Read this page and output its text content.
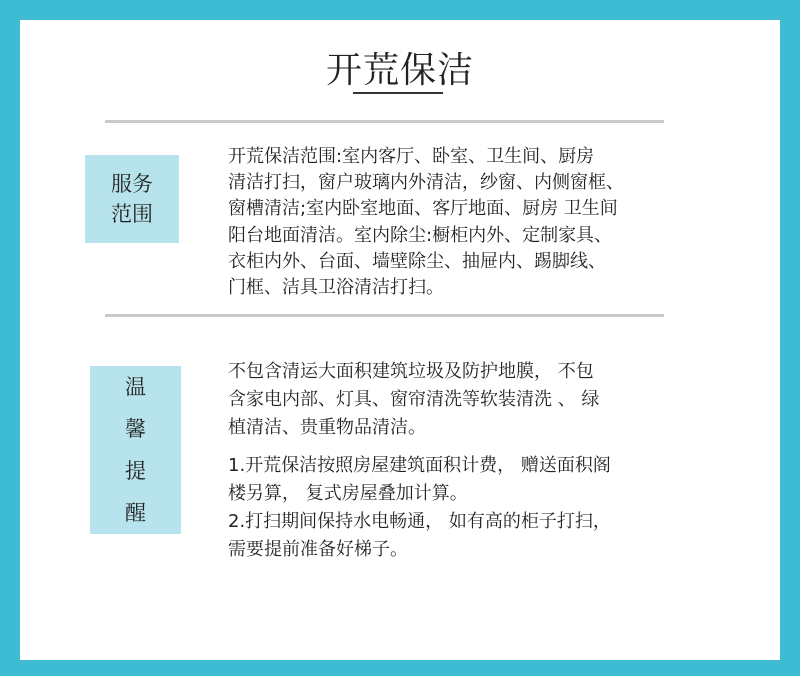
开荒保洁
服务
范围

开荒保洁范围:室内客厅、卧室、卫生间、厨房
清洁打扫，窗户玻璃内外清洁，纱窗、内侧窗框、
窗槽清洁;室内卧室地面、客厅地面、厨房 卫生间
阳台地面清洁。室内除尘:橱柜内外、定制家具、
衣柜内外、台面、墙壁除尘、抽屉内、踢脚线、
门框、洁具卫浴清洁打扫。

温
馨
提
醒

不包含清运大面积建筑垃圾及防护地膜， 不包
含家电内部、灯具、窗帘清洗等软装清洗 、 绿
植清洁、贵重物品清洁。

1.开荒保洁按照房屋建筑面积计费， 赠送面积阁
楼另算， 复式房屋叠加计算。

2.打扫期间保持水电畅通， 如有高的柜子打扫，
需要提前准备好梯子。
